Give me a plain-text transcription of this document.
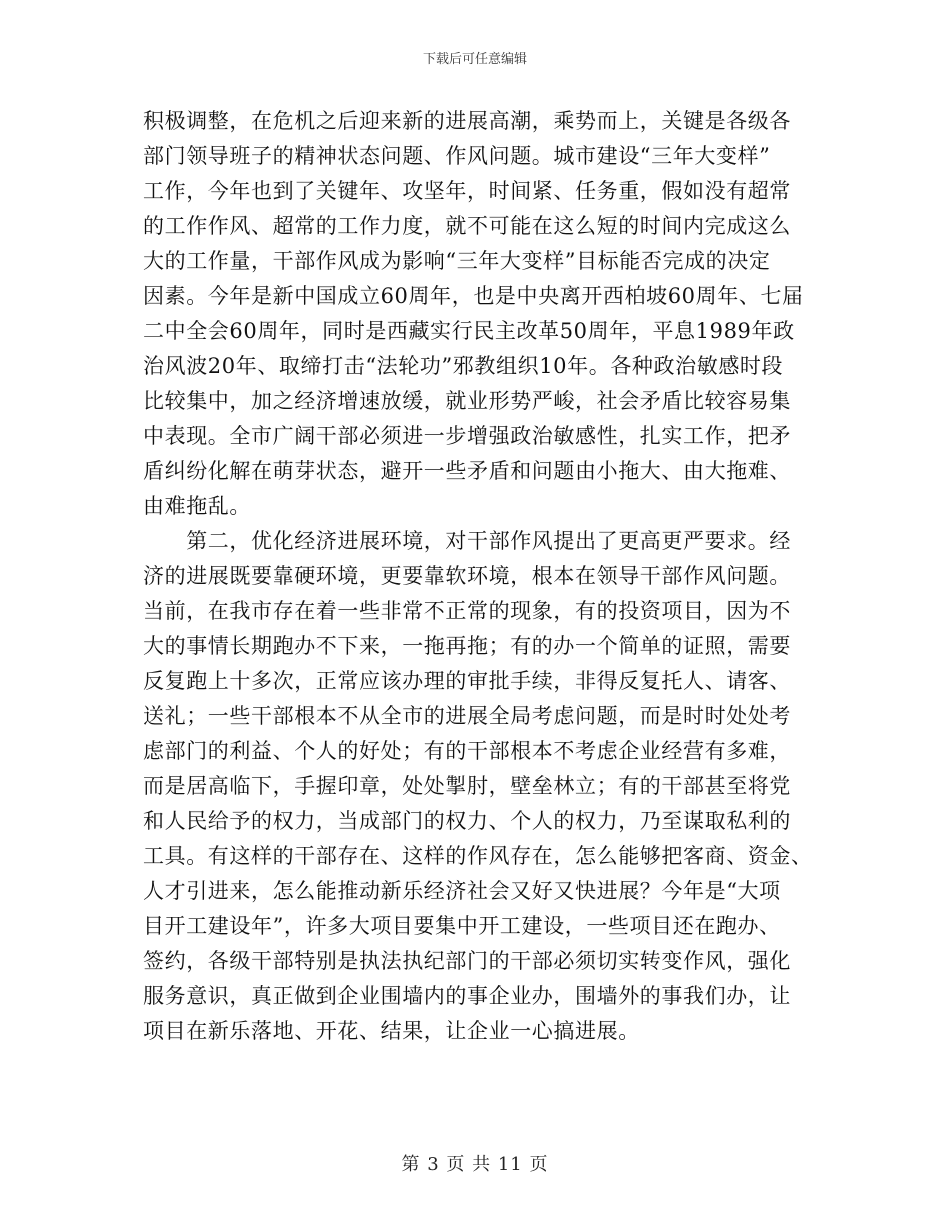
下载后可任意编辑
积极调整，在危机之后迎来新的进展高潮，乘势而上，关键是各级各
部门领导班子的精神状态问题、作风问题。城市建设“三年大变样”
工作，今年也到了关键年、攻坚年，时间紧、任务重，假如没有超常
的工作作风、超常的工作力度，就不可能在这么短的时间内完成这么
大的工作量，干部作风成为影响“三年大变样”目标能否完成的决定
因素。今年是新中国成立60周年，也是中央离开西柏坡60周年、七届
二中全会60周年，同时是西藏实行民主改革50周年，平息1989年政
治风波20年、取缔打击“法轮功”邪教组织10年。各种政治敏感时段
比较集中，加之经济增速放缓，就业形势严峻，社会矛盾比较容易集
中表现。全市广阔干部必须进一步增强政治敏感性，扎实工作，把矛
盾纠纷化解在萌芽状态，避开一些矛盾和问题由小拖大、由大拖难、
由难拖乱。
　　第二，优化经济进展环境，对干部作风提出了更高更严要求。经
济的进展既要靠硬环境，更要靠软环境，根本在领导干部作风问题。
当前，在我市存在着一些非常不正常的现象，有的投资项目，因为不
大的事情长期跑办不下来，一拖再拖；有的办一个简单的证照，需要
反复跑上十多次，正常应该办理的审批手续，非得反复托人、请客、
送礼；一些干部根本不从全市的进展全局考虑问题，而是时时处处考
虑部门的利益、个人的好处；有的干部根本不考虑企业经营有多难，
而是居高临下，手握印章，处处掣肘，壁垒林立；有的干部甚至将党
和人民给予的权力，当成部门的权力、个人的权力，乃至谋取私利的
工具。有这样的干部存在、这样的作风存在，怎么能够把客商、资金、
人才引进来，怎么能推动新乐经济社会又好又快进展？今年是“大项
目开工建设年”，许多大项目要集中开工建设，一些项目还在跑办、
签约，各级干部特别是执法执纪部门的干部必须切实转变作风，强化
服务意识，真正做到企业围墙内的事企业办，围墙外的事我们办，让
项目在新乐落地、开花、结果，让企业一心搞进展。
第 3 页 共 11 页
